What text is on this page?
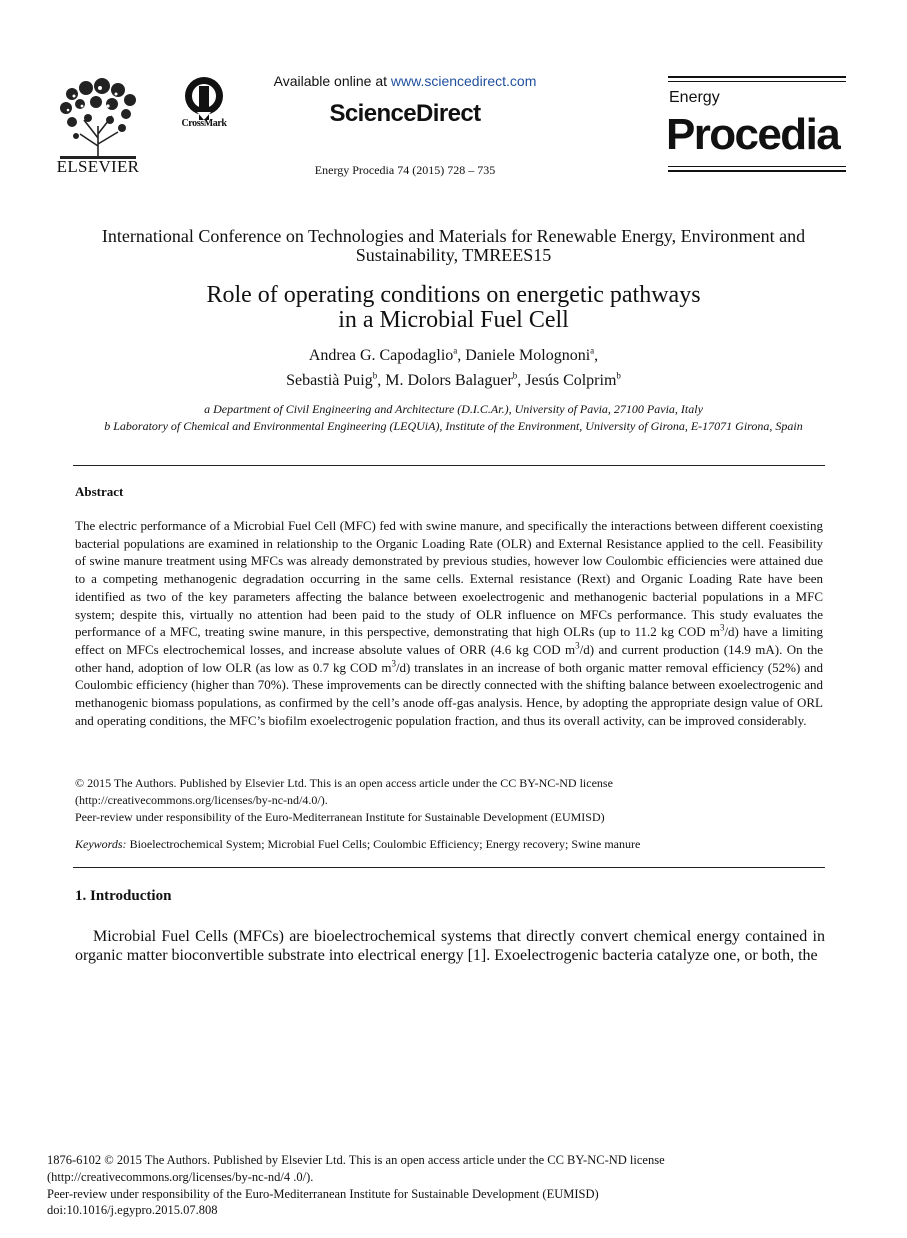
ELSEVIER
CrossMark
Available online at www.sciencedirect.com
ScienceDirect
Energy Procedia 74 (2015) 728 – 735
Energy
Procedia
International Conference on Technologies and Materials for Renewable Energy, Environment and Sustainability, TMREES15
Role of operating conditions on energetic pathways
in a Microbial Fuel Cell
Andrea G. Capodaglio$^a$, Daniele Molognoni$^a$,
Sebastià Puig$^b$, M. Dolors Balaguer$^b$, Jesús Colprim$^b$
a Department of Civil Engineering and Architecture (D.I.C.Ar.), University of Pavia, 27100 Pavia, Italy
b Laboratory of Chemical and Environmental Engineering (LEQUiA), Institute of the Environment, University of Girona, E-17071 Girona, Spain
Abstract
The electric performance of a Microbial Fuel Cell (MFC) fed with swine manure, and specifically the interactions between different coexisting bacterial populations are examined in relationship to the Organic Loading Rate (OLR) and External Resistance applied to the cell. Feasibility of swine manure treatment using MFCs was already demonstrated by previous studies, however low Coulombic efficiencies were attained due to a competing methanogenic degradation occurring in the same cells. External resistance (Rext) and Organic Loading Rate have been identified as two of the key parameters affecting the balance between exoelectrogenic and methanogenic bacterial populations in a MFC system; despite this, virtually no attention had been paid to the study of OLR influence on MFCs performance. This study evaluates the performance of a MFC, treating swine manure, in this perspective, demonstrating that high OLRs (up to 11.2 kg COD $m^3/d$) have a limiting effect on MFCs electrochemical losses, and increase absolute values of ORR (4.6 kg COD $m^3/d$) and current production (14.9 mA). On the other hand, adoption of low OLR (as low as 0.7 kg COD $m^3/d$) translates in an increase of both organic matter removal efficiency (52%) and Coulombic efficiency (higher than 70%). These improvements can be directly connected with the shifting balance between exoelectrogenic and methanogenic biomass populations, as confirmed by the cell’s anode off-gas analysis. Hence, by adopting the appropriate design value of ORL and operating conditions, the MFC’s biofilm exoelectrogenic population fraction, and thus its overall activity, can be improved considerably.
© 2015 The Authors. Published by Elsevier Ltd. This is an open access article under the CC BY-NC-ND license
(http://creativecommons.org/licenses/by-nc-nd/4.0/).
Peer-review under responsibility of the Euro-Mediterranean Institute for Sustainable Development (EUMISD)
Keywords: Bioelectrochemical System; Microbial Fuel Cells; Coulombic Efficiency; Energy recovery; Swine manure
1. Introduction
Microbial Fuel Cells (MFCs) are bioelectrochemical systems that directly convert chemical energy contained in organic matter bioconvertible substrate into electrical energy [1]. Exoelectrogenic bacteria catalyze one, or both, the
1876-6102 © 2015 The Authors. Published by Elsevier Ltd. This is an open access article under the CC BY-NC-ND license
(http://creativecommons.org/licenses/by-nc-nd/4 .0/).
Peer-review under responsibility of the Euro-Mediterranean Institute for Sustainable Development (EUMISD)
doi:10.1016/j.egypro.2015.07.808
